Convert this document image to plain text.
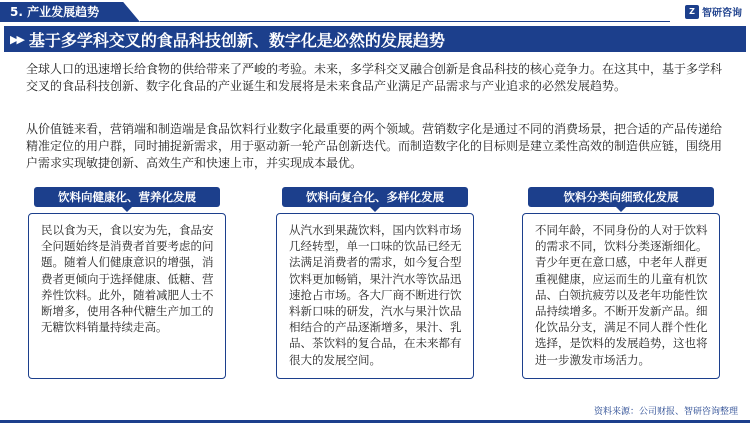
5. 产业发展趋势	Z 智研咨询
▶▶ 基于多学科交叉的食品科技创新、数字化是必然的发展趋势

全球人口的迅速增长给食物的供给带来了严峻的考验。未来，多学科交叉融合创新是食品科技的核心竞争力。在这其中，基于多学科交叉的食品科技创新、数字化食品的产业诞生和发展将是未来食品产业满足产品需求与产业追求的必然发展趋势。

从价值链来看，营销端和制造端是食品饮料行业数字化最重要的两个领域。营销数字化是通过不同的消费场景，把合适的产品传递给精准定位的用户群，同时捕捉新需求，用于驱动新一轮产品创新迭代。而制造数字化的目标则是建立柔性高效的制造供应链，围绕用户需求实现敏捷创新、高效生产和快速上市，并实现成本最优。

饮料向健康化、营养化发展
民以食为天，食以安为先，食品安全问题始终是消费者首要考虑的问题。随着人们健康意识的增强，消费者更倾向于选择健康、低糖、营养性饮料。此外，随着减肥人士不断增多，使用各种代糖生产加工的无糖饮料销量持续走高。
饮料向复合化、多样化发展
从汽水到果蔬饮料，国内饮料市场几经转型，单一口味的饮品已经无法满足消费者的需求，如今复合型饮料更加畅销，果汁汽水等饮品迅速抢占市场。各大厂商不断进行饮料新口味的研发，汽水与果汁饮品相结合的产品逐渐增多，果汁、乳品、茶饮料的复合品，在未来都有很大的发展空间。
饮料分类向细致化发展
不同年龄，不同身份的人对于饮料的需求不同，饮料分类逐渐细化。青少年更在意口感，中老年人群更重视健康，应运而生的儿童有机饮品、白领抗疲劳以及老年功能性饮品持续增多。不断开发新产品。细化饮品分支，满足不同人群个性化选择，是饮料的发展趋势，这也将进一步激发市场活力。
资料来源：公司财报、智研咨询整理
